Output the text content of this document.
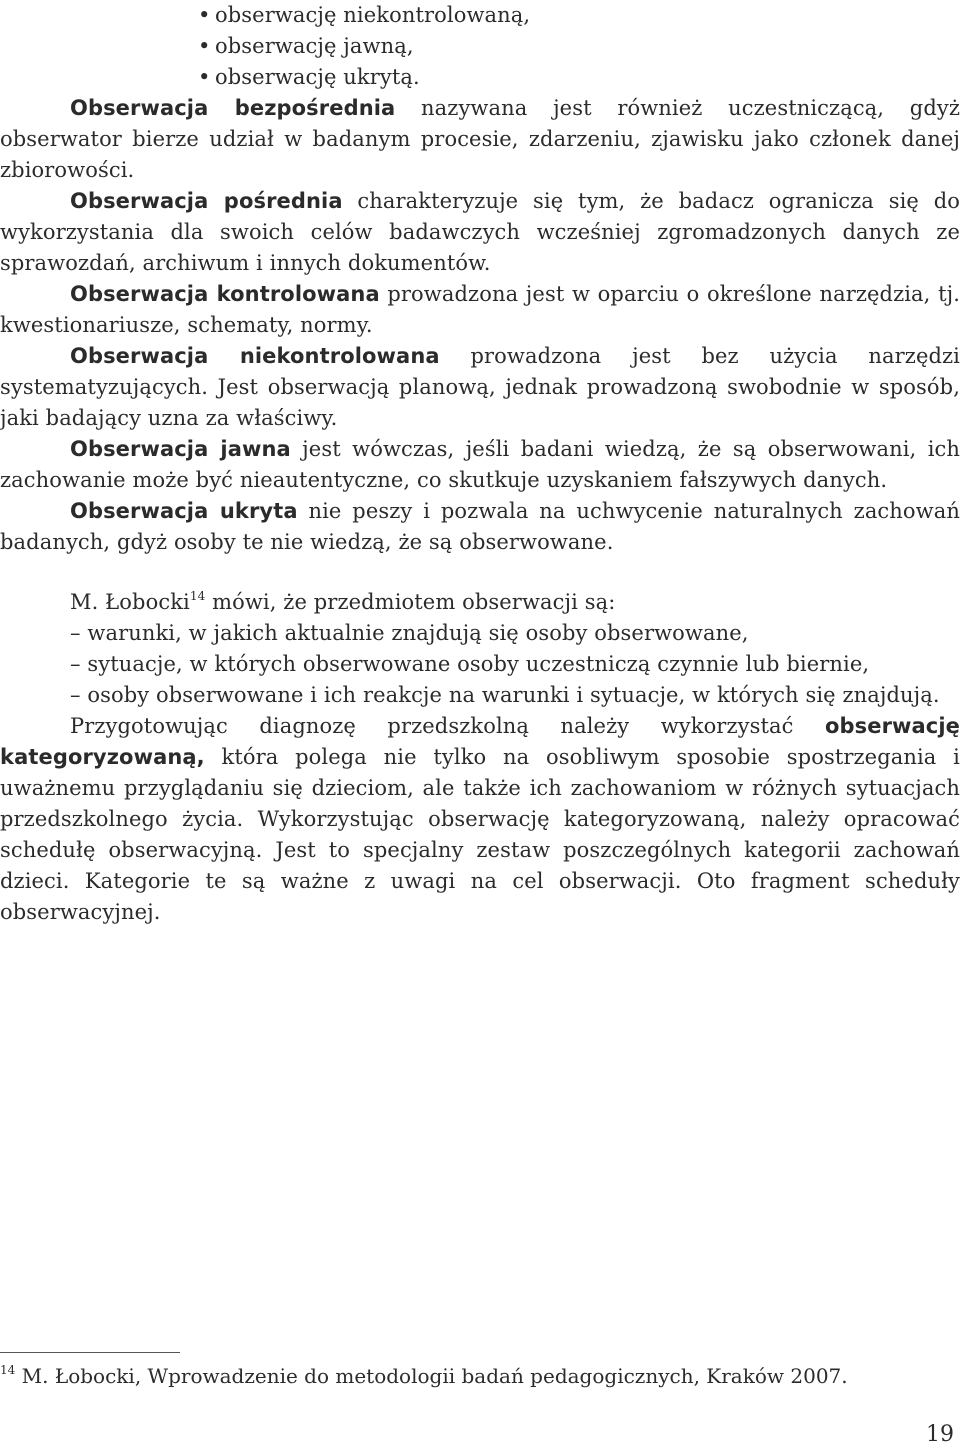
• obserwację niekontrolowaną,
• obserwację jawną,
• obserwację ukrytą.

Obserwacja bezpośrednia nazywana jest również uczestniczącą, gdyż obserwator bierze udział w badanym procesie, zdarzeniu, zjawisku jako członek danej zbiorowości.

Obserwacja pośrednia charakteryzuje się tym, że badacz ogranicza się do wykorzystania dla swoich celów badawczych wcześniej zgromadzonych danych ze sprawozdań, archiwum i innych dokumentów.

Obserwacja kontrolowana prowadzona jest w oparciu o określone narzędzia, tj. kwestionariusze, schematy, normy.

Obserwacja niekontrolowana prowadzona jest bez użycia narzędzi systematyzujących. Jest obserwacją planową, jednak prowadzoną swobodnie w sposób, jaki badający uzna za właściwy.

Obserwacja jawna jest wówczas, jeśli badani wiedzą, że są obserwowani, ich zachowanie może być nieautentyczne, co skutkuje uzyskaniem fałszywych danych.

Obserwacja ukryta nie peszy i pozwala na uchwycenie naturalnych zachowań badanych, gdyż osoby te nie wiedzą, że są obserwowane.

M. Łobocki$^{14}$ mówi, że przedmiotem obserwacji są:

– warunki, w jakich aktualnie znajdują się osoby obserwowane,

– sytuacje, w których obserwowane osoby uczestniczą czynnie lub biernie,

– osoby obserwowane i ich reakcje na warunki i sytuacje, w których się znajdują.

Przygotowując diagnozę przedszkolną należy wykorzystać obserwację kategoryzowaną, która polega nie tylko na osobliwym sposobie spostrzegania i uważnemu przyglądaniu się dzieciom, ale także ich zachowaniom w różnych sytuacjach przedszkolnego życia. Wykorzystując obserwację kategoryzowaną, należy opracować schedułę obserwacyjną. Jest to specjalny zestaw poszczególnych kategorii zachowań dzieci. Kategorie te są ważne z uwagi na cel obserwacji. Oto fragment scheduły obserwacyjnej.

$^{14}$ M. Łobocki, Wprowadzenie do metodologii badań pedagogicznych, Kraków 2007.
19
